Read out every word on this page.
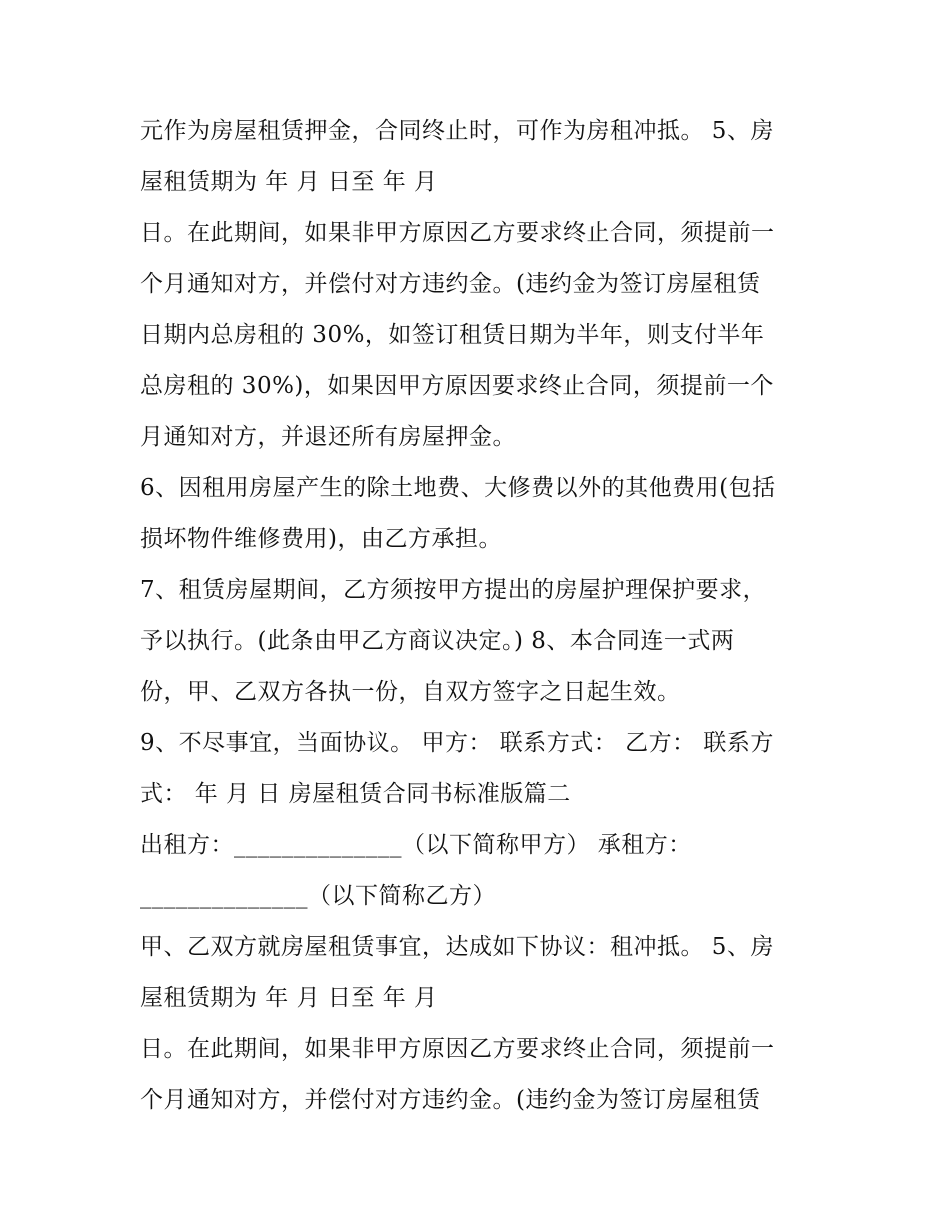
元作为房屋租赁押金，合同终止时，可作为房租冲抵。 5、房
屋租赁期为 年 月 日至 年 月
日。在此期间，如果非甲方原因乙方要求终止合同，须提前一
个月通知对方，并偿付对方违约金。(违约金为签订房屋租赁
日期内总房租的 30%，如签订租赁日期为半年，则支付半年
总房租的 30%)，如果因甲方原因要求终止合同，须提前一个
月通知对方，并退还所有房屋押金。
6、因租用房屋产生的除土地费、大修费以外的其他费用(包括
损坏物件维修费用)，由乙方承担。
7、租赁房屋期间，乙方须按甲方提出的房屋护理保护要求，
予以执行。(此条由甲乙方商议决定。) 8、本合同连一式两
份，甲、乙双方各执一份，自双方签字之日起生效。
9、不尽事宜，当面协议。 甲方： 联系方式： 乙方： 联系方
式： 年 月 日 房屋租赁合同书标准版篇二
出租方：______________（以下简称甲方） 承租方：
______________（以下简称乙方）
甲、乙双方就房屋租赁事宜，达成如下协议：租冲抵。 5、房
屋租赁期为 年 月 日至 年 月
日。在此期间，如果非甲方原因乙方要求终止合同，须提前一
个月通知对方，并偿付对方违约金。(违约金为签订房屋租赁
